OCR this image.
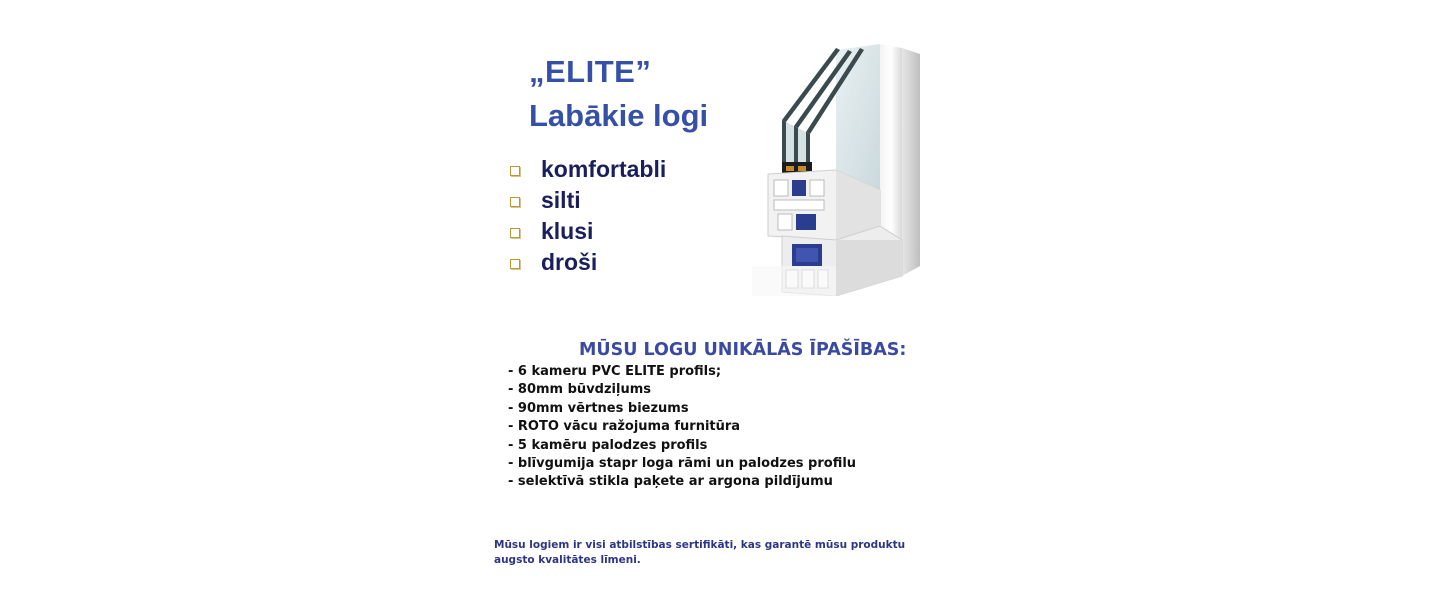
„ELITE”
Labākie logi
komfortabli
silti
klusi
droši
MŪSU LOGU UNIKĀLĀS ĪPAŠĪBAS:
- 6 kameru PVC ELITE profils;
- 80mm būvdziļums
- 90mm vērtnes biezums
- ROTO vācu ražojuma furnitūra
- 5 kamēru palodzes profils
- blīvgumija stapr loga rāmi un palodzes profilu
- selektīvā stikla paķete ar argona pildījumu
Mūsu logiem ir visi atbilstības sertifikāti, kas garantē mūsu produktu augsto kvalitātes līmeni.
